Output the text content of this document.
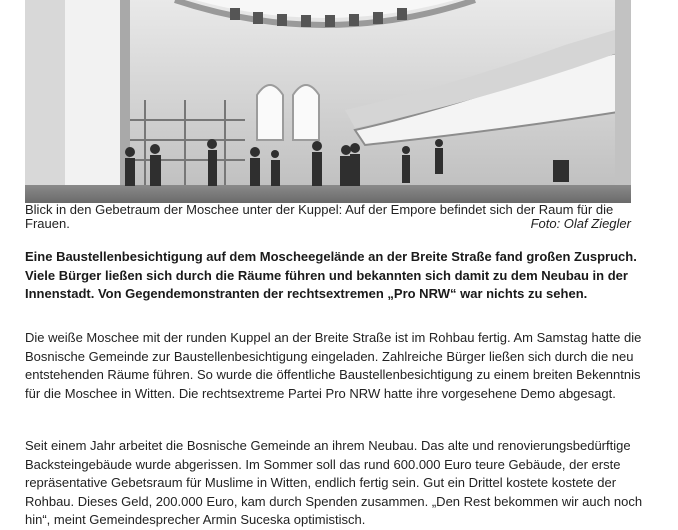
Blick in den Gebetraum der Moschee unter der Kuppel: Auf der Empore befindet sich der Raum für die Frauen.	Foto: Olaf Ziegler
Eine Baustellenbesichtigung auf dem Moscheegelände an der Breite Straße fand großen Zuspruch. Viele Bürger ließen sich durch die Räume führen und bekannten sich damit zu dem Neubau in der Innenstadt. Von Gegendemonstranten der rechtsextremen „Pro NRW“ war nichts zu sehen.
Die weiße Moschee mit der runden Kuppel an der Breite Straße ist im Rohbau fertig. Am Samstag hatte die Bosnische Gemeinde zur Baustellenbesichtigung eingeladen. Zahlreiche Bürger ließen sich durch die neu entstehenden Räume führen. So wurde die öffentliche Baustellenbesichtigung zu einem breiten Bekenntnis für die Moschee in Witten. Die rechtsextreme Partei Pro NRW hatte ihre vorgesehene Demo abgesagt.
Seit einem Jahr arbeitet die Bosnische Gemeinde an ihrem Neubau. Das alte und renovierungsbedürftige Backsteingebäude wurde abgerissen. Im Sommer soll das rund 600.000 Euro teure Gebäude, der erste repräsentative Gebetsraum für Muslime in Witten, endlich fertig sein. Gut ein Drittel kostete kostete der Rohbau. Dieses Geld, 200.000 Euro, kam durch Spenden zusammen. „Den Rest bekommen wir auch noch hin“, meint Gemeindesprecher Armin Suceska optimistisch.
